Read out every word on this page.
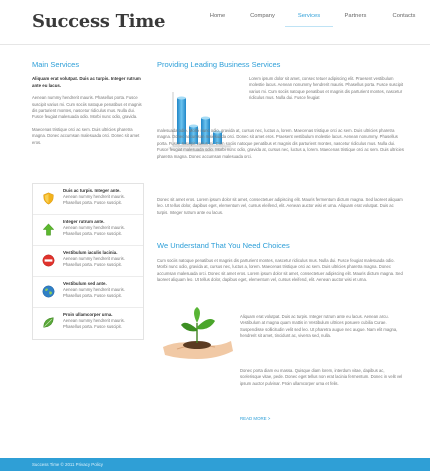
Success Time	Home	Company	Services	Partners	Contacts
Main Services
Aliquam erat volutpat. Duis ac turpis. Integer rutrum ante eu lacus.
Aenean nummy hendrerit mauris. Phasellus porta. Fusce suscipit varius mi. Cum sociis natoque penatibus et magnis dis parturient montes, nascetur ridiculus mus. Nulla dui. Fusce feugiat malesuada odio. Morbi nunc odio, gravida.
Maecenas tristique orci ac sem. Duis ultricies pharetra magna. Donec accumsan malesuada orci. Donec sit amet eros.
Duis ac turpis. Integer ante.
Aenean nummy hendrerit mauris. Phasellus porta. Fusce suscipit.
Integer rutrum ante.
Aenean nummy hendrerit mauris. Phasellus porta. Fusce suscipit.
Vestibulum iaculis lacinia.
Aenean nummy hendrerit mauris. Phasellus porta. Fusce suscipit.
Vestibulum sed ante.
Aenean nummy hendrerit mauris. Phasellus porta. Fusce suscipit.
Proin ullamcorper urna.
Aenean nummy hendrerit mauris. Phasellus porta. Fusce suscipit.
Providing Leading Business Services
Lorem ipsum dolor sit amet, consec tetuer adipiscing elit. Praesent vestibulum molestie lacus. Aenean nonummy hendrerit mauris. Phasellus porta. Fusce suscipit varius mi. Cum sociis natoque penatibus et magnis dis parturient montes, nascetur ridiculus mus. Nulla dui. Fusce feugiat
malesuada odio. Morbi nunc odio, gravida at, cursus nec, luctus a, lorem. Maecenas tristique orci ac sem. Duis ultricies pharetra magna. Donec accumsan malesuada orci. Donec sit amet eros. Praesent vestibulum molestie lacus. Aenean nonummy. Phasellus porta. Fusce suscipit varius mi. Cum sociis natoque penatibus et magnis dis parturient montes, nascetur ridiculus mus. Nulla dui. Fusce feugiat malesuada odio. Morbi nunc odio, gravida at, cursus nec, luctus a, lorem. Maecenas tristique orci ac sem. Duis ultricies pharetra magna. Donec accumsan malesuada orci.
Donec sit amet eros. Lorem ipsum dolor sit amet, consectetuer adipiscing elit. Mauris fermentum dictum magna. Sed laoreet aliquam leo. Ut tellus dolor, dapibus eget, elementum vel, cursus eleifend, elit. Aenean auctor wisi et urna. Aliquam erat volutpat. Duis ac turpis. Integer rutrum ante eu lacus.
We Understand That You Need Choices
Cum sociis natoque penatibus et magnis dis parturient montes, nascetur ridiculus mus. Nulla dui. Fusce feugiat malesuada odio. Morbi nunc odio, gravida at, cursus nec, luctus a, lorem. Maecenas tristique orci ac sem. Duis ultricies pharetra magna. Donec accumsan malesuada orci. Donec sit amet eros. Lorem ipsum dolor sit amet, consectetuer adipiscing elit. Mauris dictum magna. Sed laoreet aliquam leo. Ut tellus dolor, dapibus eget, elementum vel, cursus eleifend, elit. Aenean auctor wisi et urna.
Aliquam erat volutpat. Duis ac turpis. Integer rutrum ante eu lacus. Aenean arcu. Vestibulum at magna quam mattis in Vestibulum ultrices posuere cubilia Curae. Suspendisse sollicitudin velit sed leo. Ut pharetra augue nec augue. Nam elit magna, hendrerit sit amet, tincidunt ac, viverra sed, nulla.
Donec porta diam eu massa. Quisque diam lorem, interdum vitae, dapibus ac, scelerisque vitae, pede. Donec eget tellus non erat lacinia fermentum. Donec in velit vel ipsum auctor pulvinar. Proin ullamcorper urna et felis.
READ MORE >
Success Time © 2011 Privacy Policy
